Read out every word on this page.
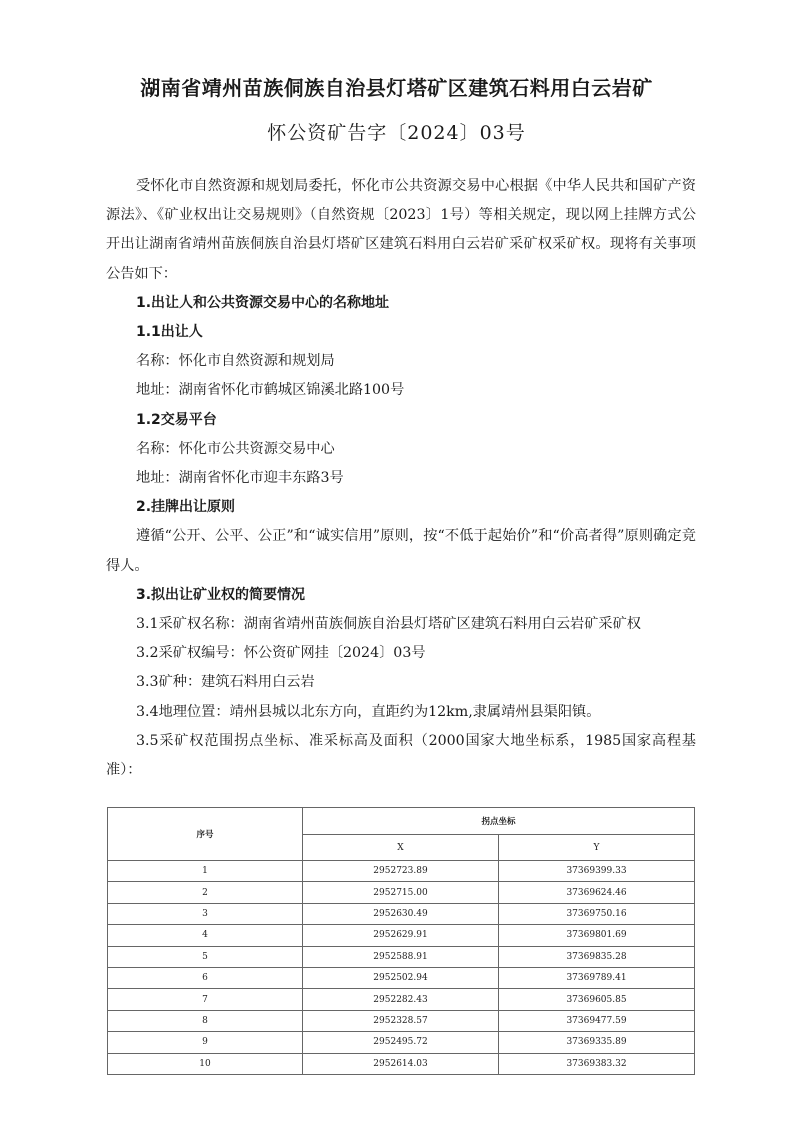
湖南省靖州苗族侗族自治县灯塔矿区建筑石料用白云岩矿
怀公资矿告字〔2024〕03号

受怀化市自然资源和规划局委托，怀化市公共资源交易中心根据《中华人民共和国矿产资源法》、《矿业权出让交易规则》（自然资规〔2023〕1号）等相关规定，现以网上挂牌方式公开出让湖南省靖州苗族侗族自治县灯塔矿区建筑石料用白云岩矿采矿权采矿权。现将有关事项公告如下：

1.出让人和公共资源交易中心的名称地址

1.1出让人

名称：怀化市自然资源和规划局

地址：湖南省怀化市鹤城区锦溪北路100号

1.2交易平台

名称：怀化市公共资源交易中心

地址：湖南省怀化市迎丰东路3号

2.挂牌出让原则

遵循“公开、公平、公正”和“诚实信用”原则，按“不低于起始价”和“价高者得”原则确定竞得人。

3.拟出让矿业权的简要情况

3.1采矿权名称：湖南省靖州苗族侗族自治县灯塔矿区建筑石料用白云岩矿采矿权

3.2采矿权编号：怀公资矿网挂〔2024〕03号

3.3矿种：建筑石料用白云岩

3.4地理位置：靖州县城以北东方向，直距约为12km,隶属靖州县渠阳镇。

3.5采矿权范围拐点坐标、准采标高及面积（2000国家大地坐标系，1985国家高程基准）：

序号	拐点坐标	
	X	Y
1	2952723.89	37369399.33
2	2952715.00	37369624.46
3	2952630.49	37369750.16
4	2952629.91	37369801.69
5	2952588.91	37369835.28
6	2952502.94	37369789.41
7	2952282.43	37369605.85
8	2952328.57	37369477.59
9	2952495.72	37369335.89
10	2952614.03	37369383.32
